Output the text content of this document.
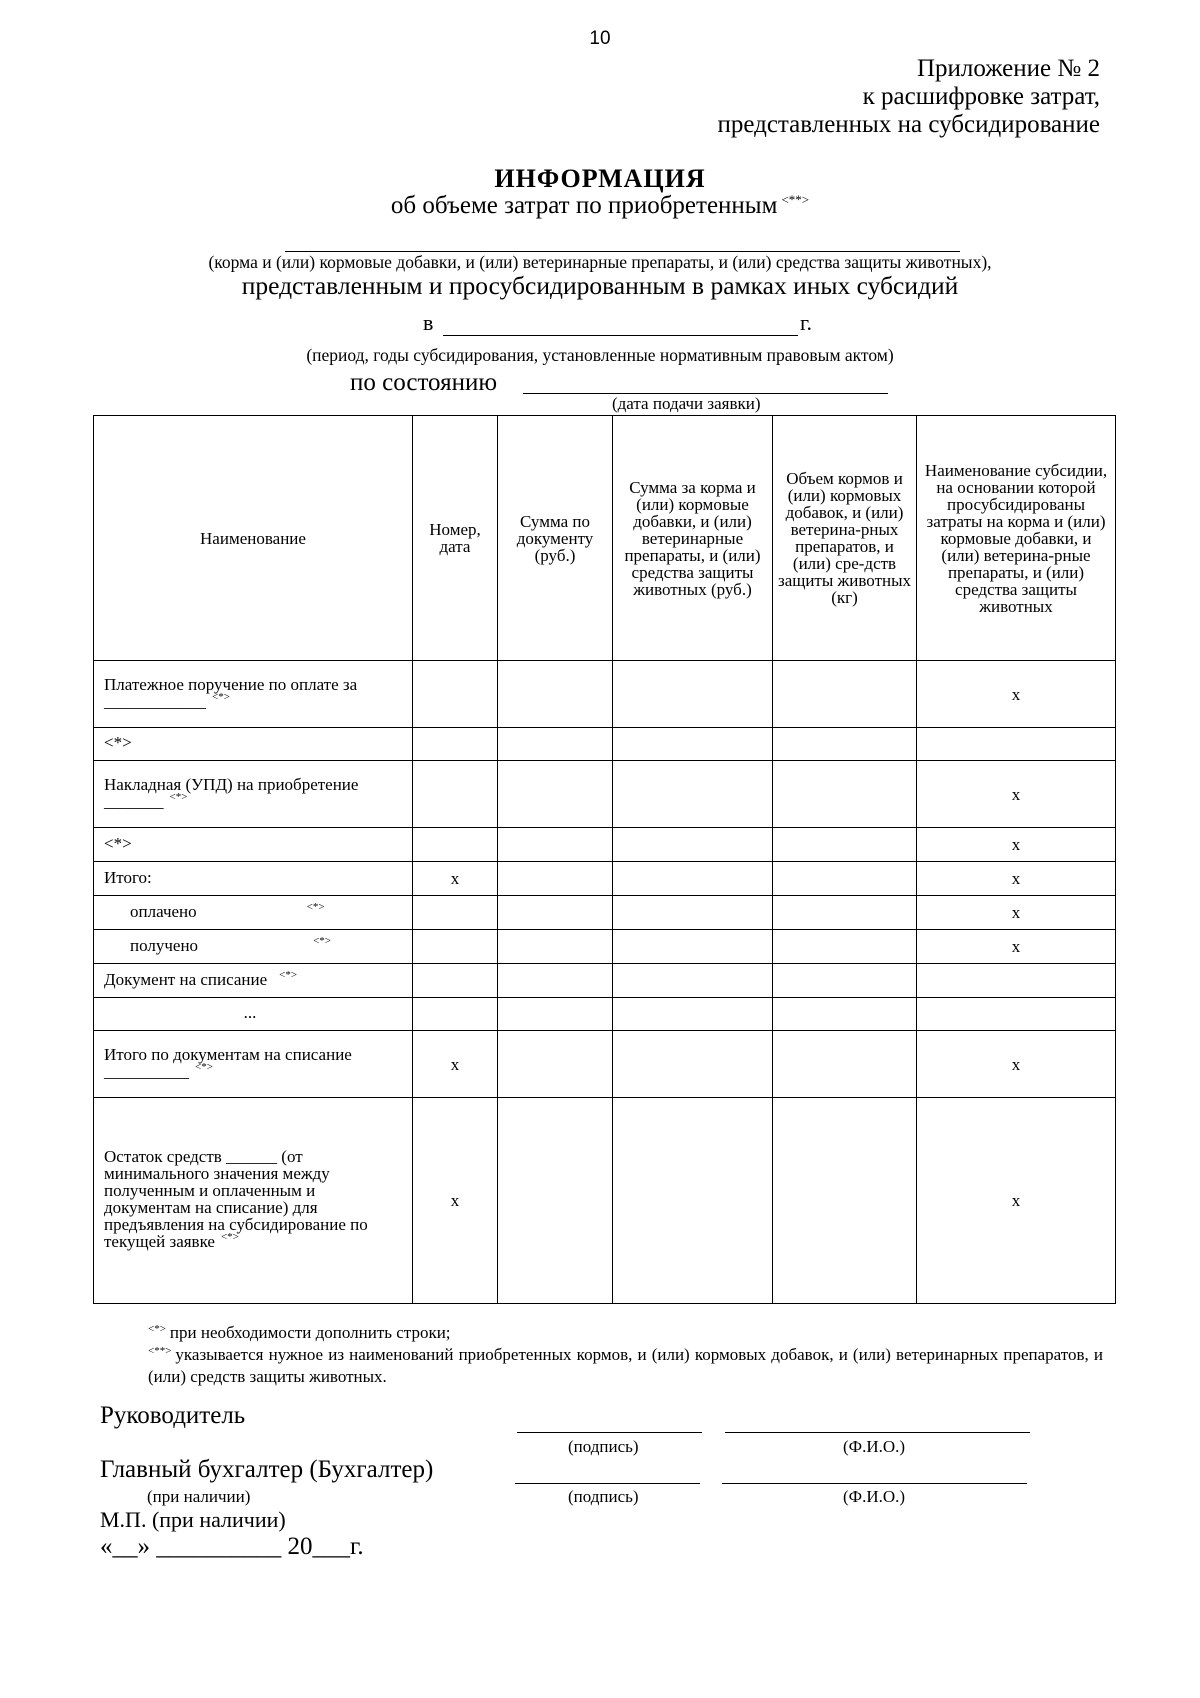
10
Приложение № 2
к расшифровке затрат,
представленных на субсидирование
ИНФОРМАЦИЯ
об объеме затрат по приобретенным <**>
(корма и (или) кормовые добавки, и (или) ветеринарные препараты, и (или) средства защиты животных),
представленным и просубсидированным в рамках иных субсидий
в	г.
(период, годы субсидирования, установленные нормативным правовым актом)
по состоянию
(дата подачи заявки)
Наименование	Номер, дата	Сумма по документу (руб.)	Сумма за корма и (или) кормовые добавки, и (или) ветеринарные препараты, и (или) средства защиты животных (руб.)	Объем кормов и (или) кормовых добавок, и (или) ветерина-рных препаратов, и (или) сре-дств защиты животных (кг)	Наименование субсидии, на основании которой просубсидированы затраты на корма и (или) кормовые добавки, и (или) ветерина-рные препараты, и (или) средства защиты животных
Платежное поручение по оплате за ____________ <*>					x
<*>					
Накладная (УПД) на приобретение _______ <*>					x
<*>					x
Итого:	x				x
оплачено <*>					x
получено <*>					x
Документ на списание <*>					
...					
Итого по документам на списание __________ <*>	x				x
Остаток средств ______ (от минимального значения между полученным и оплаченным и документам на списание) для предъявления на субсидирование по текущей заявке <*>	x				x

<*> при необходимости дополнить строки;

<**> указывается нужное из наименований приобретенных кормов, и (или) кормовых добавок, и (или) ветеринарных препаратов, и (или) средств защиты животных.

Руководитель
(подпись)	(Ф.И.О.)
Главный бухгалтер (Бухгалтер)
(при наличии)	(подпись)	(Ф.И.О.)
М.П. (при наличии)
«__» __________ 20___г.
